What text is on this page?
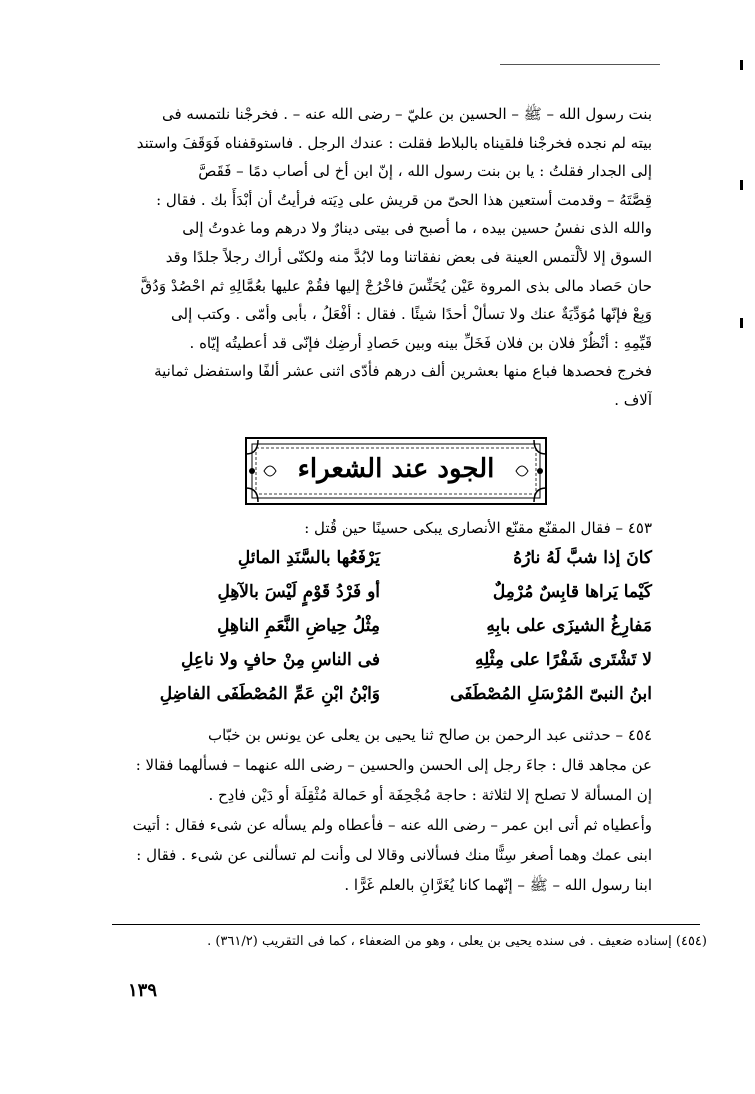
بنت رسول الله – ﷺ – الحسين بن عليّ – رضى الله عنه – . فخرجْنا نلتمسه فى
بيته لم نجده فخرجْنا فلقيناه بالبلاط فقلت : عندك الرجل . فاستوقفناه فَوَقَفَ واستند
إلى الجدار فقلتُ : يا بن بنت رسول الله ، إنّ ابن أخ لى أصاب دمًا – فَقَصَّ
قِصَّتَهُ – وقدمت أستعين هذا الحىّ من قريش على دِيَته فرأيتُ أن أبْدَأَ بك . فقال :
والله الذى نفسُ حسين بيده ، ما أصبح فى بيتى دينارٌ ولا درهم وما غدوتُ إلى
السوق إلا لألْتمس العينة فى بعض نفقاتنا وما لابُدَّ منه ولكنّى أراك رجلاً جلدًا وقد
حان حَصاد مالى بذى المروة عَيْن يُحَنِّسَ فاخْرُجْ إليها فقُمْ عليها بعُمَّالِهِ ثم احْصُدْ وَدُقَّ
وَبِعْ فإنّها مُوَدِّيَةٌ عنك ولا تسألْ أحدًا شيئًا . فقال : أفْعَلُ ، بأبى وأمّى . وكتب إلى
قَيِّمِهِ : أنْظُرْ فلان بن فلان فَخَلِّ بينه وبين حَصادِ أرضِك فإنّى قد أعطيتُه إيّاه .
فخرج فحصدها فباع منها بعشرين ألف درهم فأدّى اثنى عشر ألفًا واستفضل ثمانية
آلاف .
الجود عند الشعراء
٤٥٣ – فقال المقنّع مقنّع الأنصارى يبكى حسينًا حين قُتل :
كانَ إذا شبَّ لَهُ نارُهُ
يَرْفَعُها بالسَّنَدِ المائلِ
كَيْما يَراها قابِسٌ مُرْمِلٌ
أو فَرْدُ قَوْمٍ لَيْسَ بالآهِلِ
مَفارِغُ الشيزَى على بابِهِ
مِثْلُ حِياضِ النَّعَمِ الناهِلِ
لا تَشْتَرى شَفْرًا على مِثْلِهِ
فى الناسِ مِنْ حافٍ ولا ناعِلِ
ابنُ النبىّ المُرْسَلِ المُصْطَفَى
وَابْنُ ابْنِ عَمِّ المُصْطَفَى الفاضِلِ
٤٥٤ – حدثنى عبد الرحمن بن صالح ثنا يحيى بن يعلى عن يونس بن خبّاب
عن مجاهد قال : جاءَ رجل إلى الحسن والحسين – رضى الله عنهما – فسألهما فقالا :
إن المسألة لا تصلح إلا لثلاثة : حاجة مُجْحِفَة أو حَمالة مُثْقِلَة أو دَيْن فادِح .
وأعطياه ثم أتى ابن عمر – رضى الله عنه – فأعطاه ولم يسأله عن شىء فقال : أتيت
ابنى عمك وهما أصغر سِنًّا منك فسألانى وقالا لى وأنت لم تسألنى عن شىء . فقال :
ابنا رسول الله – ﷺ – إنّهما كانا يُغَرَّانِ بالعلم غَرًّا .
(٤٥٤) إسناده ضعيف . فى سنده يحيى بن يعلى ، وهو من الضعفاء ، كما فى التقريب (٣٦١/٢) .
١٣٩
